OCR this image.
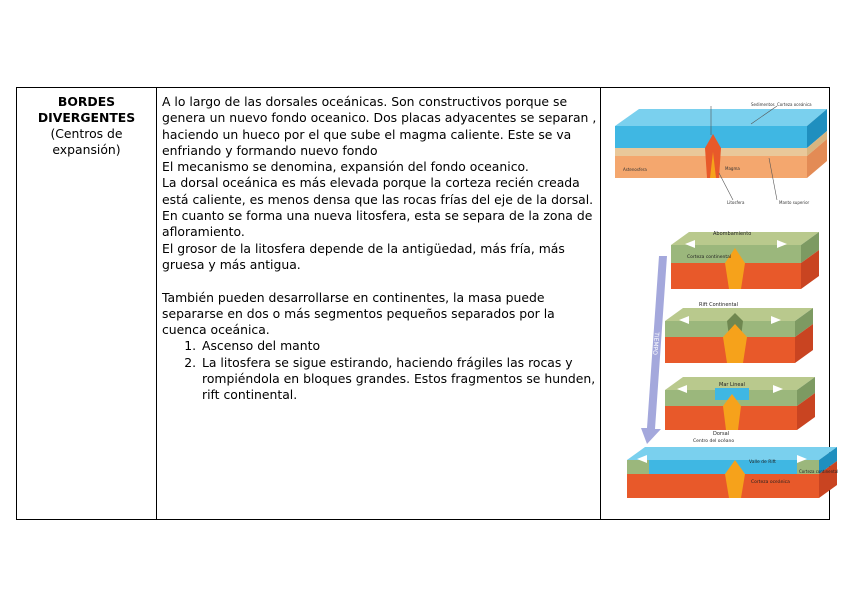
BORDES
DIVERGENTES
(Centros de
expansión)

A lo largo de las dorsales oceánicas. Son constructivos porque se genera un nuevo fondo oceanico. Dos placas adyacentes se separan , haciendo un hueco por el que sube el magma caliente. Este se va enfriando y formando nuevo fondo

El mecanismo se denomina, expansión del fondo oceanico.

La dorsal oceánica es más elevada porque la corteza recién creada está caliente, es menos densa que las rocas frías del eje de la dorsal.

En cuanto se forma una nueva litosfera, esta se separa de la zona de afloramiento.

El grosor de la litosfera depende de la antigüedad, más fría, más gruesa y más antigua.

También pueden desarrollarse en continentes, la masa puede separarse en dos o más segmentos pequeños separados por la cuenca oceánica.

1. Ascenso del manto
2. La litosfera se sigue estirando, haciendo frágiles las rocas y rompiéndola en bloques grandes. Estos fragmentos se hunden, rift continental.
Sedimentos Corteza oceánica
Astenosfera	Magma
Litosfera	Manto superior
TIEMPO
Abombamiento
Corteza continental
Rift Continental
Mar Lineal
Dorsal
Centro del océano
Valle de Rift
Corteza continental
Corteza oceánica
